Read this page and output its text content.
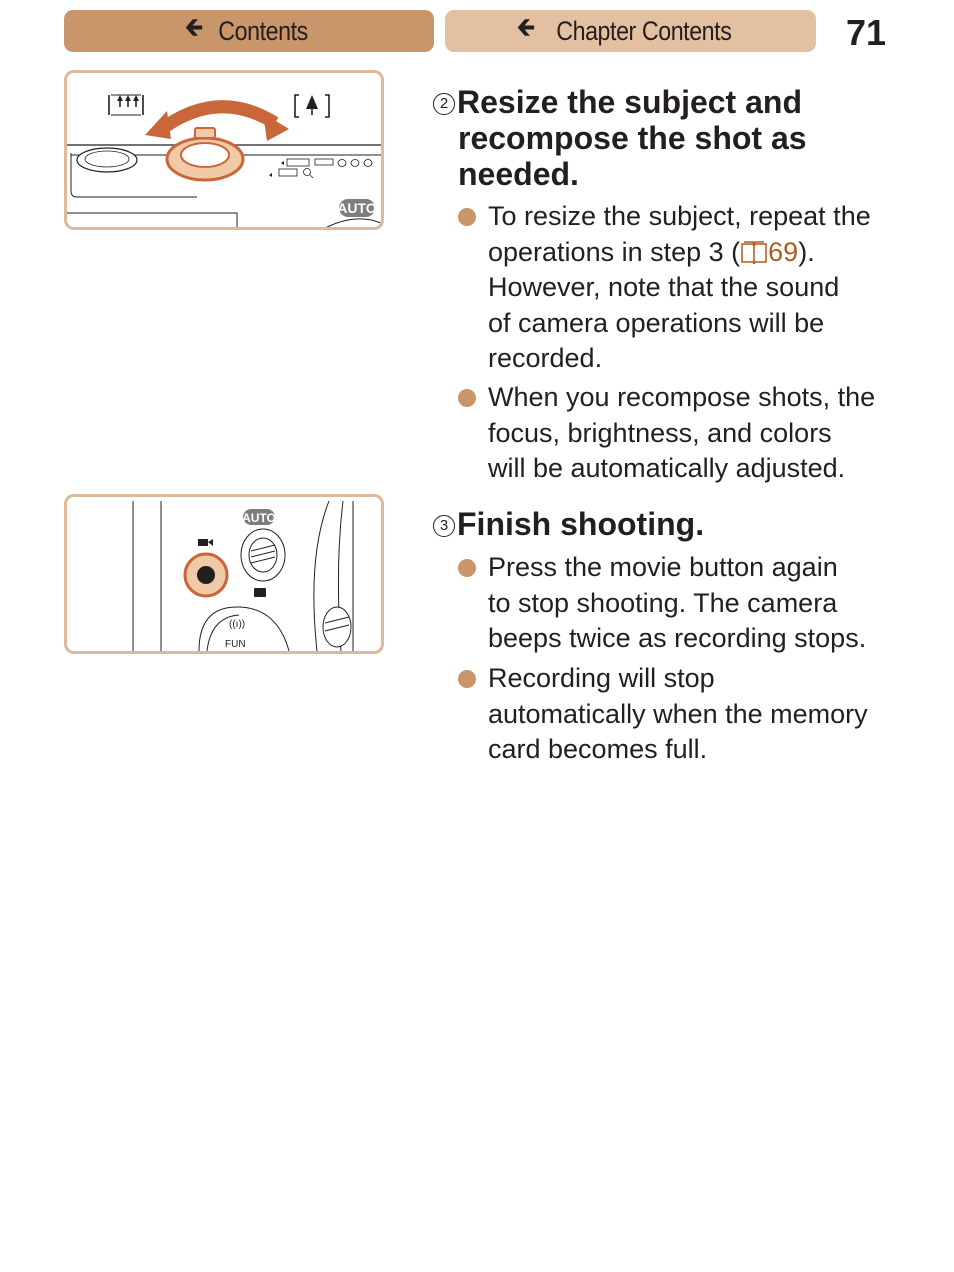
🡸 Contents	🡸 Chapter Contents	71
AUTO
AUTO
((ı))
FUN
2 Resize the subject and
recompose the shot as
needed.
To resize the subject, repeat the
operations in step 3 ( 69).
However, note that the sound
of camera operations will be
recorded.
When you recompose shots, the
focus, brightness, and colors
will be automatically adjusted.
3 Finish shooting.
Press the movie button again
to stop shooting. The camera
beeps twice as recording stops.
Recording will stop
automatically when the memory
card becomes full.
